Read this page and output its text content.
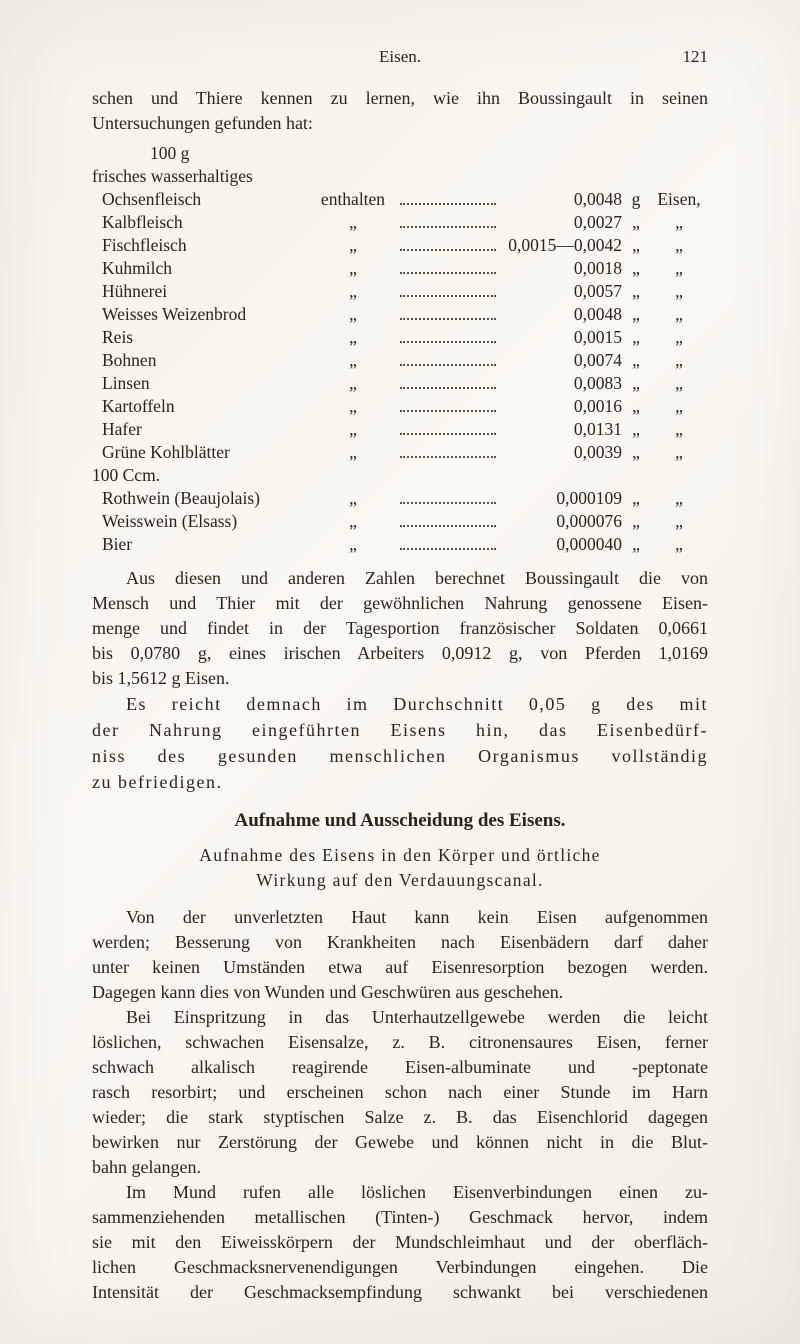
Eisen.	121
schen und Thiere kennen zu lernen, wie ihn Boussingault in seinen
Untersuchungen gefunden hat:
100 g
frisches wasserhaltiges
Ochsenfleisch	enthalten	0,0048 g Eisen,
Kalbfleisch	„	0,0027 „	„
Fischfleisch	„	0,0015—0,0042 „	„
Kuhmilch	„	0,0018 „	„
Hühnerei	„	0,0057 „	„
Weisses Weizenbrod	„	0,0048 „	„
Reis	„	0,0015 „	„
Bohnen	„	0,0074 „	„
Linsen	„	0,0083 „	„
Kartoffeln	„	0,0016 „	„
Hafer	„	0,0131 „	„
Grüne Kohlblätter	„	0,0039 „	„
100 Ccm.
Rothwein (Beaujolais)	„	0,000109 „	„
Weisswein (Elsass)	„	0,000076 „	„
Bier	„	0,000040 „	„
Aus diesen und anderen Zahlen berechnet Boussingault die von
Mensch und Thier mit der gewöhnlichen Nahrung genossene Eisen-
menge und findet in der Tagesportion französischer Soldaten 0,0661
bis 0,0780 g, eines irischen Arbeiters 0,0912 g, von Pferden 1,0169
bis 1,5612 g Eisen.
Es reicht demnach im Durchschnitt 0,05 g des mit
der Nahrung eingeführten Eisens hin, das Eisenbedürf-
niss des gesunden menschlichen Organismus vollständig
zu befriedigen.
Aufnahme und Ausscheidung des Eisens.
Aufnahme des Eisens in den Körper und örtliche
Wirkung auf den Verdauungscanal.
Von der unverletzten Haut kann kein Eisen aufgenommen
werden; Besserung von Krankheiten nach Eisenbädern darf daher
unter keinen Umständen etwa auf Eisenresorption bezogen werden.
Dagegen kann dies von Wunden und Geschwüren aus geschehen.
Bei Einspritzung in das Unterhautzellgewebe werden die leicht
löslichen, schwachen Eisensalze, z. B. citronensaures Eisen, ferner
schwach alkalisch reagirende Eisen-albuminate und -peptonate
rasch resorbirt; und erscheinen schon nach einer Stunde im Harn
wieder; die stark styptischen Salze z. B. das Eisenchlorid dagegen
bewirken nur Zerstörung der Gewebe und können nicht in die Blut-
bahn gelangen.
Im Mund rufen alle löslichen Eisenverbindungen einen zu-
sammenziehenden metallischen (Tinten-) Geschmack hervor, indem
sie mit den Eiweisskörpern der Mundschleimhaut und der oberfläch-
lichen Geschmacksnervenendigungen Verbindungen eingehen. Die
Intensität der Geschmacksempfindung schwankt bei verschiedenen
